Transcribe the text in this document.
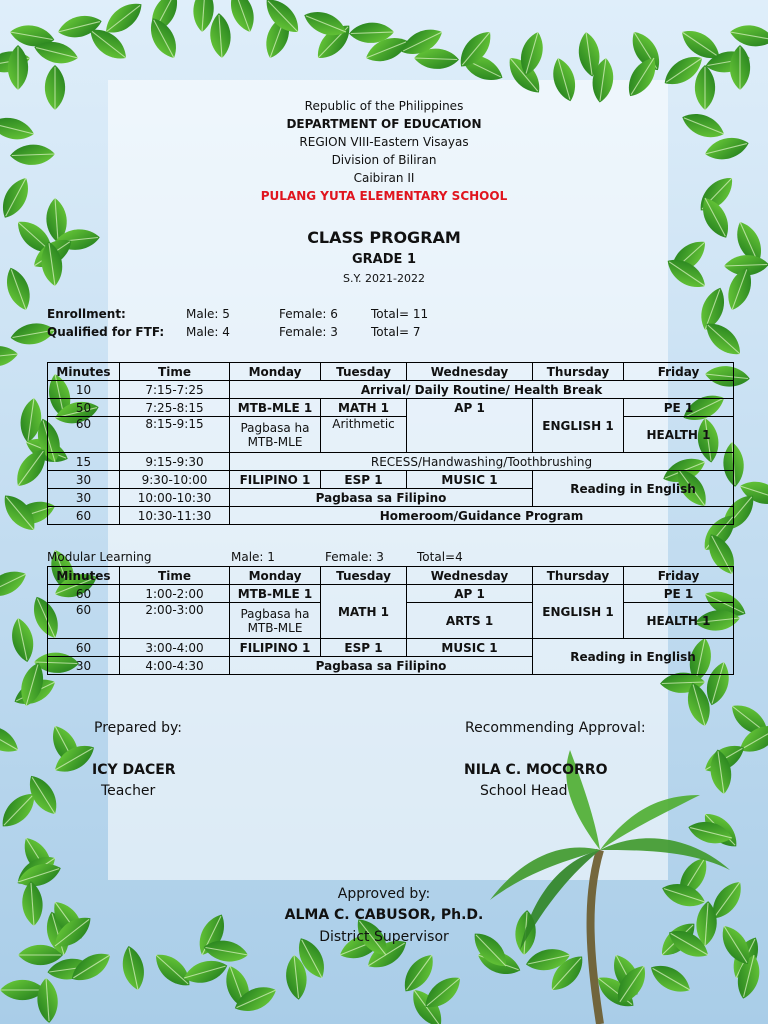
Republic of the Philippines
DEPARTMENT OF EDUCATION
REGION VIII-Eastern Visayas
Division of Biliran
Caibiran II
PULANG YUTA ELEMENTARY SCHOOL
CLASS PROGRAM
GRADE 1
S.Y. 2021-2022
Enrollment:	Male: 5	Female: 6	Total= 11
Qualified for FTF: Male: 4	Female: 3	Total= 7
Minutes	Time	Monday	Tuesday	Wednesday	Thursday	Friday
10	7:15-7:25	Arrival/ Daily Routine/ Health Break				
50	7:25-8:15	MTB-MLE 1	MATH 1	AP 1	ENGLISH 1	PE 1
60	8:15-9:15	Pagbasa ha MTB-MLE	Arithmetic			HEALTH 1
15	9:15-9:30	RECESS/Handwashing/Toothbrushing				
30	9:30-10:00	FILIPINO 1	ESP 1	MUSIC 1	Reading in English	
30	10:00-10:30	Pagbasa sa Filipino				
60	10:30-11:30	Homeroom/Guidance Program				
Modular Learning	Male: 1	Female: 3	Total=4
Minutes	Time	Monday	Tuesday	Wednesday	Thursday	Friday
60	1:00-2:00	MTB-MLE 1	MATH 1	AP 1	ENGLISH 1	PE 1
60	2:00-3:00	Pagbasa ha MTB-MLE		ARTS 1		HEALTH 1
60	3:00-4:00	FILIPINO 1	ESP 1	MUSIC 1	Reading in English	
30	4:00-4:30	Pagbasa sa Filipino				
Prepared by:
ICY DACER
Teacher
Recommending Approval:
NILA C. MOCORRO
School Head
Approved by:
ALMA C. CABUSOR, Ph.D.
District Supervisor
